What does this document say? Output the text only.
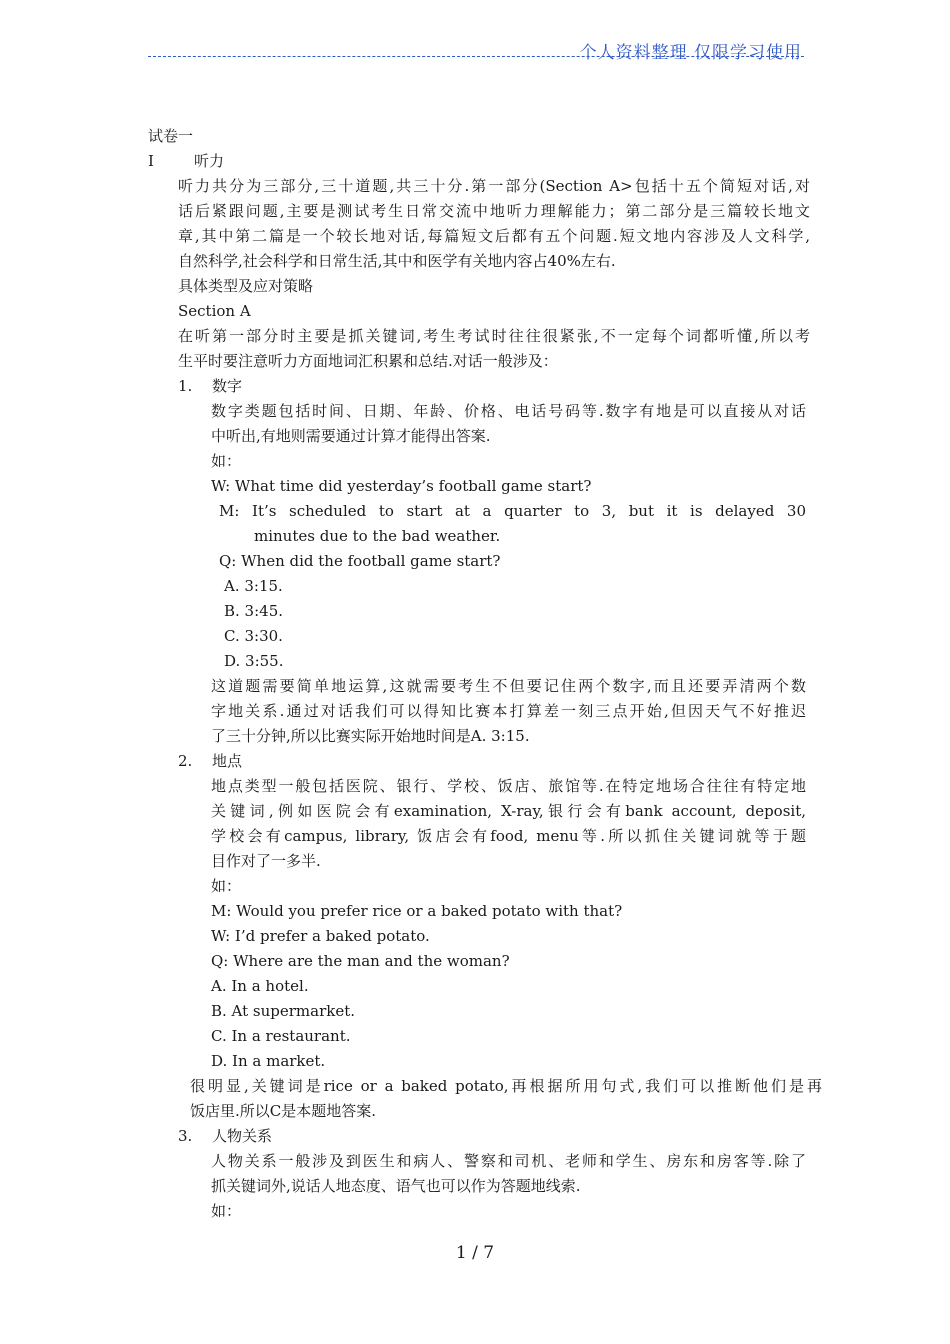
个人资料整理 仅限学习使用
试卷一
I	听力
听力共分为三部分,三十道题,共三十分.第一部分(Section A>包括十五个简短对话,对
话后紧跟问题,主要是测试考生日常交流中地听力理解能力；第二部分是三篇较长地文
章,其中第二篇是一个较长地对话,每篇短文后都有五个问题.短文地内容涉及人文科学,
自然科学,社会科学和日常生活,其中和医学有关地内容占40%左右.
具体类型及应对策略
Section A
在听第一部分时主要是抓关键词,考生考试时往往很紧张,不一定每个词都听懂,所以考
生平时要注意听力方面地词汇积累和总结.对话一般涉及：
1. 数字
数字类题包括时间、日期、年龄、价格、电话号码等.数字有地是可以直接从对话
中听出,有地则需要通过计算才能得出答案.
如：
W: What time did yesterday’s football game start?
M: It’s scheduled to start at a quarter to 3, but it is delayed 30
minutes due to the bad weather.
Q: When did the football game start?
A. 3:15.
B. 3:45.
C. 3:30.
D. 3:55.
这道题需要简单地运算,这就需要考生不但要记住两个数字,而且还要弄清两个数
字地关系.通过对话我们可以得知比赛本打算差一刻三点开始,但因天气不好推迟
了三十分钟,所以比赛实际开始地时间是A. 3:15.
2. 地点
地点类型一般包括医院、银行、学校、饭店、旅馆等.在特定地场合往往有特定地
关键词,例如医院会有examination, X-ray,银行会有bank account, deposit,
学校会有campus, library, 饭店会有food, menu等.所以抓住关键词就等于题
目作对了一多半.
如：
M: Would you prefer rice or a baked potato with that?
W: I’d prefer a baked potato.
Q: Where are the man and the woman?
A. In a hotel.
B. At supermarket.
C. In a restaurant.
D. In a market.
很明显,关键词是rice or a baked potato,再根据所用句式,我们可以推断他们是再
饭店里.所以C是本题地答案.
3. 人物关系
人物关系一般涉及到医生和病人、警察和司机、老师和学生、房东和房客等.除了
抓关键词外,说话人地态度、语气也可以作为答题地线索.
如：
1 / 7
